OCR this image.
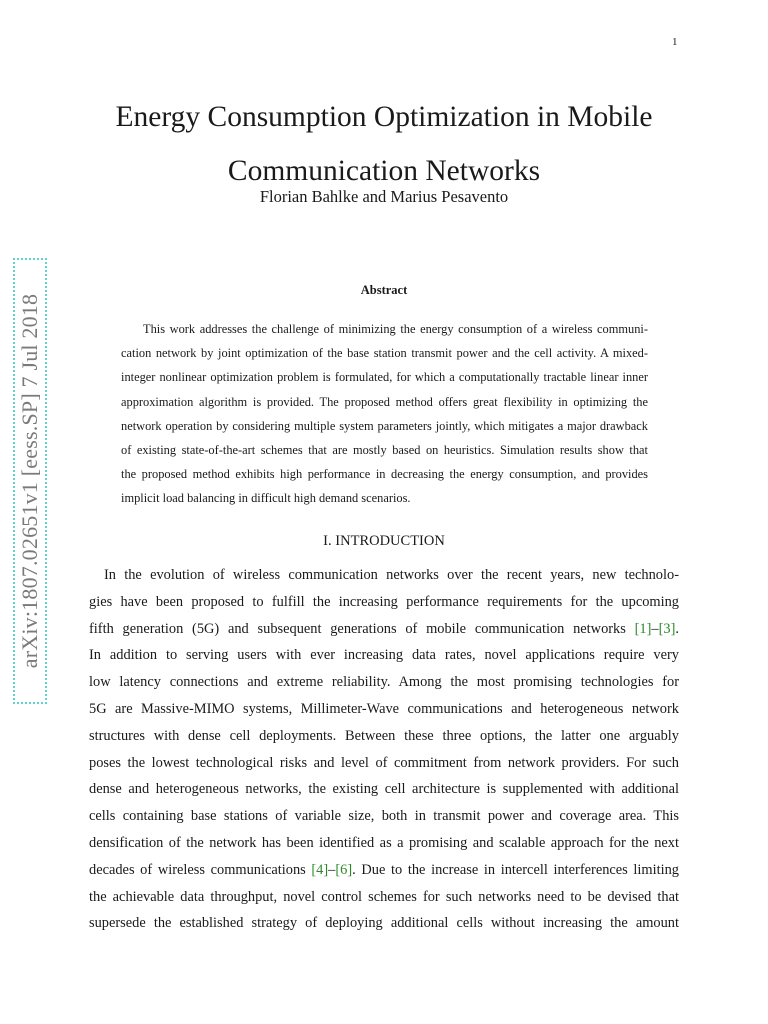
1
Energy Consumption Optimization in Mobile
Communication Networks
Florian Bahlke and Marius Pesavento
arXiv:1807.02651v1 [eess.SP] 7 Jul 2018
Abstract
This work addresses the challenge of minimizing the energy consumption of a wireless communi-
cation network by joint optimization of the base station transmit power and the cell activity. A mixed-
integer nonlinear optimization problem is formulated, for which a computationally tractable linear inner
approximation algorithm is provided. The proposed method offers great flexibility in optimizing the
network operation by considering multiple system parameters jointly, which mitigates a major drawback
of existing state-of-the-art schemes that are mostly based on heuristics. Simulation results show that
the proposed method exhibits high performance in decreasing the energy consumption, and provides
implicit load balancing in difficult high demand scenarios.
I. INTRODUCTION
In the evolution of wireless communication networks over the recent years, new technolo-
gies have been proposed to fulfill the increasing performance requirements for the upcoming
fifth generation (5G) and subsequent generations of mobile communication networks [1]–[3].
In addition to serving users with ever increasing data rates, novel applications require very
low latency connections and extreme reliability. Among the most promising technologies for
5G are Massive-MIMO systems, Millimeter-Wave communications and heterogeneous network
structures with dense cell deployments. Between these three options, the latter one arguably
poses the lowest technological risks and level of commitment from network providers. For such
dense and heterogeneous networks, the existing cell architecture is supplemented with additional
cells containing base stations of variable size, both in transmit power and coverage area. This
densification of the network has been identified as a promising and scalable approach for the next
decades of wireless communications [4]–[6]. Due to the increase in intercell interferences limiting
the achievable data throughput, novel control schemes for such networks need to be devised that
supersede the established strategy of deploying additional cells without increasing the amount
